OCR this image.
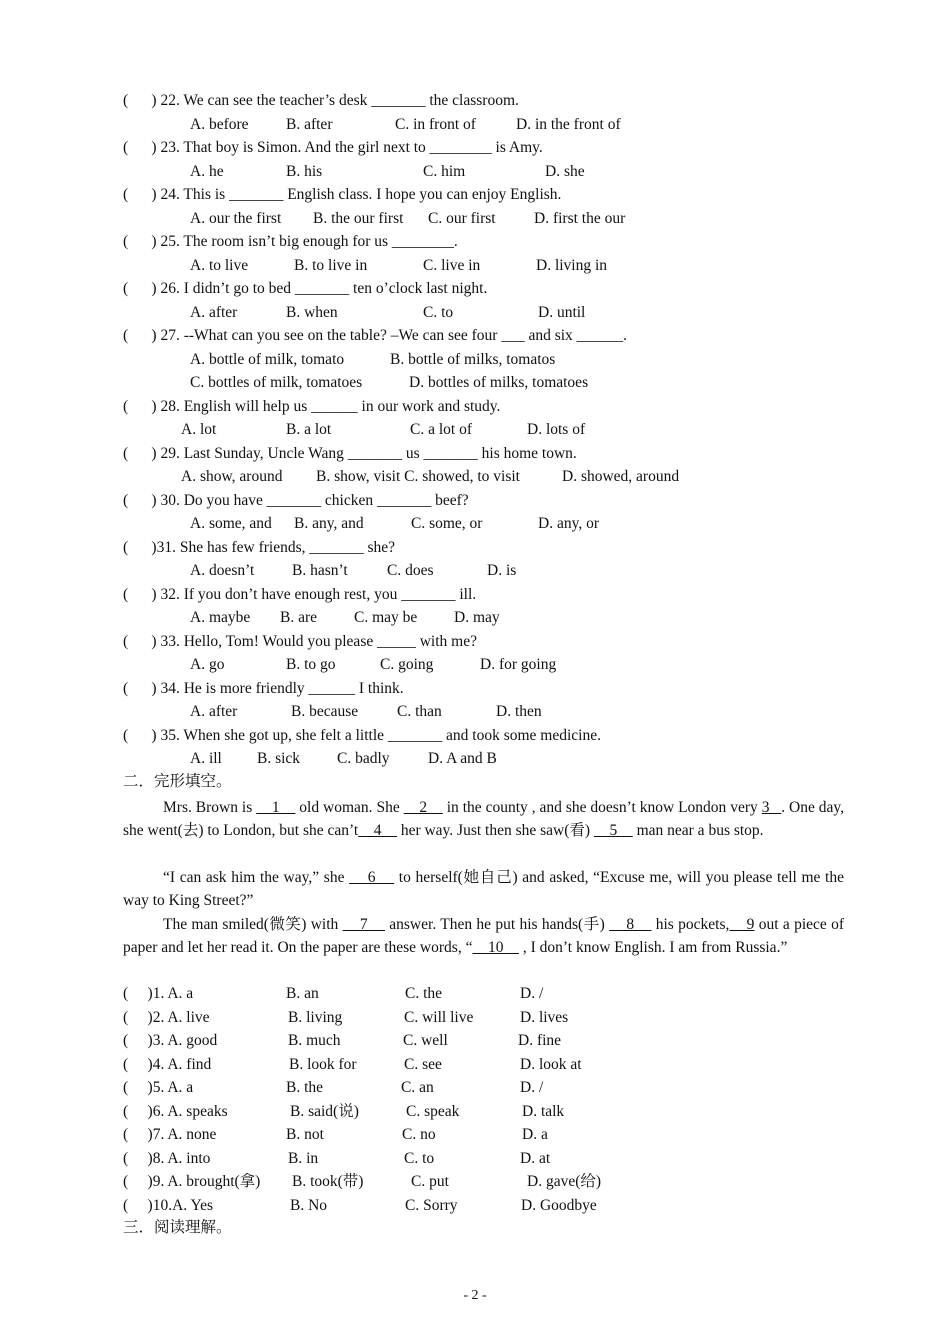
(      ) 22. We can see the teacher’s desk _______ the classroom.
A. before B. after	C. in front of	D. in the front of
(      ) 23. That boy is Simon. And the girl next to ________ is Amy.
A. he	B. his	C. him	D. she
(      ) 24. This is _______ English class. I hope you can enjoy English.
A. our the first B. the our first C. our first D. first the our
(      ) 25. The room isn’t big enough for us ________.
A. to live	B. to live in	C. live in	D. living in
(      ) 26. I didn’t go to bed _______ ten o’clock last night.
A. after	B. when	C. to	D. until
(      ) 27. --What can you see on the table? –We can see four ___ and six ______.
A. bottle of milk, tomato	B. bottle of milks, tomatos
C. bottles of milk, tomatoes	D. bottles of milks, tomatoes
(      ) 28. English will help us ______ in our work and study.
A. lot	B. a lot	C. a lot of	D. lots of
(      ) 29. Last Sunday, Uncle Wang _______ us _______ his home town.
A. show, around B. show, visit C. showed, to visit	D. showed, around
(      ) 30. Do you have _______ chicken _______ beef?
A. some, and B. any, and	C. some, or	D. any, or
(      )31. She has few friends, _______ she?
A. doesn’t B. hasn’t	C. does	D. is
(      ) 32. If you don’t have enough rest, you _______ ill.
A. maybe B. are C. may be D. may
(      ) 33. Hello, Tom! Would you please _____ with me?
A. go	B. to go	C. going	D. for going
(      ) 34. He is more friendly ______ I think.
A. after	B. because	C. than	D. then
(      ) 35. When she got up, she felt a little _______ and took some medicine.
A. ill B. sick C. badly D. A and B
二．完形填空。
Mrs. Brown is     1     old woman. She     2     in the county , and she doesn’t know London very 3   . One day, she went(去) to London, but she can’t    4     her way. Just then she saw(看)     5     man near a bus stop.
“I can ask him the way,” she     6     to herself(她自己) and asked, “Excuse me, will you please tell me the way to King Street?”
The man smiled(微笑) with     7     answer. Then he put his hands(手)     8     his pockets,    9 out a piece of paper and let her read it. On the paper are these words, “    10     , I don’t know English. I am from Russia.”
(     )1. A. a	B. an	C. the	D. /
(     )2. A. live	B. living	C. will live	D. lives
(     )3. A. good	B. much	C. well	D. fine
(     )4. A. find	B. look for	C. see	D. look at
(     )5. A. a	B. the	C. an	D. /
(     )6. A. speaks	B. said(说)	C. speak	D. talk
(     )7. A. none	B. not	C. no	D. a
(     )8. A. into	B. in	C. to	D. at
(     )9. A. brought(拿) B. took(带)	C. put	D. gave(给)
(     )10.A. Yes	B. No	C. Sorry	D. Goodbye
三．阅读理解。
- 2 -
